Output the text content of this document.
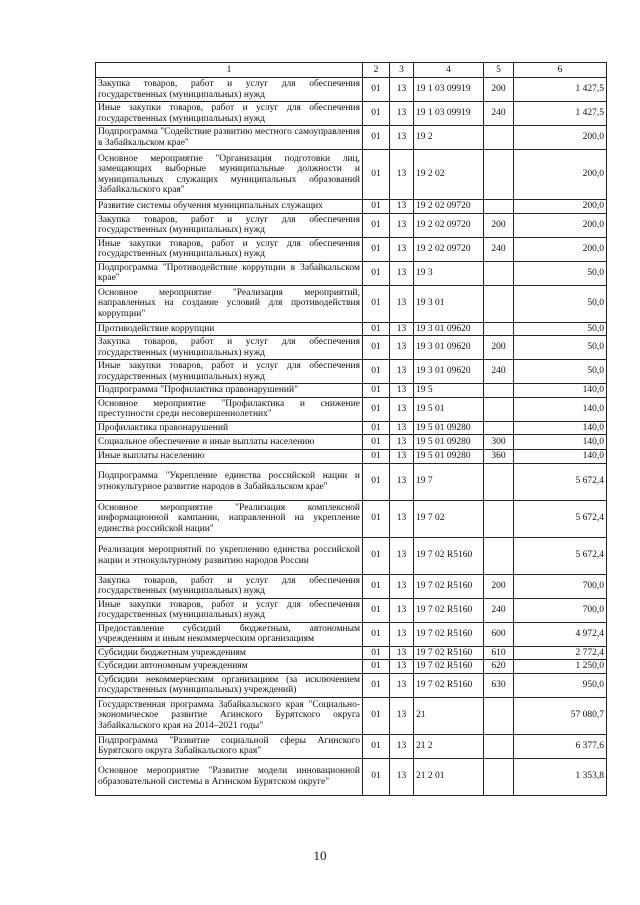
1	2	3	4	5	6
Закупка товаров, работ и услуг для обеспечения государственных (муниципальных) нужд	01	13	19 1 03 09919	200	1 427,5
Иные закупки товаров, работ и услуг для обеспечения государственных (муниципальных) нужд	01	13	19 1 03 09919	240	1 427,5
Подпрограмма "Содействие развитию местного самоуправления в Забайкальском крае"	01	13	19 2		200,0
Основное мероприятие "Организация подготовки лиц, замещающих выборные муниципальные должности и муниципальных служащих муниципальных образований Забайкальского края"	01	13	19 2 02		200,0
Развитие системы обучения муниципальных служащих	01	13	19 2 02 09720		200,0
Закупка товаров, работ и услуг для обеспечения государственных (муниципальных) нужд	01	13	19 2 02 09720	200	200,0
Иные закупки товаров, работ и услуг для обеспечения государственных (муниципальных) нужд	01	13	19 2 02 09720	240	200,0
Подпрограмма "Противодействие коррупции в Забайкальском крае"	01	13	19 3		50,0
Основное мероприятие "Реализация мероприятий, направленных на создание условий для противодействия коррупции"	01	13	19 3 01		50,0
Противодействие коррупции	01	13	19 3 01 09620		50,0
Закупка товаров, работ и услуг для обеспечения государственных (муниципальных) нужд	01	13	19 3 01 09620	200	50,0
Иные закупки товаров, работ и услуг для обеспечения государственных (муниципальных) нужд	01	13	19 3 01 09620	240	50,0
Подпрограмма "Профилактика правонарушений"	01	13	19 5		140,0
Основное мероприятие "Профилактика и снижение преступности среди несовершеннолетних"	01	13	19 5 01		140,0
Профилактика правонарушений	01	13	19 5 01 09280		140,0
Социальное обеспечение и иные выплаты населению	01	13	19 5 01 09280	300	140,0
Иные выплаты населению	01	13	19 5 01 09280	360	140,0
Подпрограмма "Укрепление единства российской нации и этнокультурное развитие народов в Забайкальском крае"	01	13	19 7		5 672,4
Основное мероприятие "Реализация комплексной информационной кампании, направленной на укрепление единства российской нации"	01	13	19 7 02		5 672,4
Реализация мероприятий по укреплению единства российской нации и этнокультурному развитию народов России	01	13	19 7 02 R5160		5 672,4
Закупка товаров, работ и услуг для обеспечения государственных (муниципальных) нужд	01	13	19 7 02 R5160	200	700,0
Иные закупки товаров, работ и услуг для обеспечения государственных (муниципальных) нужд	01	13	19 7 02 R5160	240	700,0
Предоставление субсидий бюджетным, автономным учреждениям и иным некоммерческим организациям	01	13	19 7 02 R5160	600	4 972,4
Субсидии бюджетным учреждениям	01	13	19 7 02 R5160	610	2 772,4
Субсидии автономным учреждениям	01	13	19 7 02 R5160	620	1 250,0
Субсидии некоммерческим организациям (за исключением государственных (муниципальных) учреждений)	01	13	19 7 02 R5160	630	950,0
Государственная программа Забайкальского края "Социально-экономическое развитие Агинского Бурятского округа Забайкальского края на 2014–2021 годы"	01	13	21		57 080,7
Подпрограмма "Развитие социальной сферы Агинского Бурятского округа Забайкальского края"	01	13	21 2		6 377,6
Основное мероприятие "Развитие модели инновационной образовательной системы в Агинском Бурятском округе"	01	13	21 2 01		1 353,8
10
